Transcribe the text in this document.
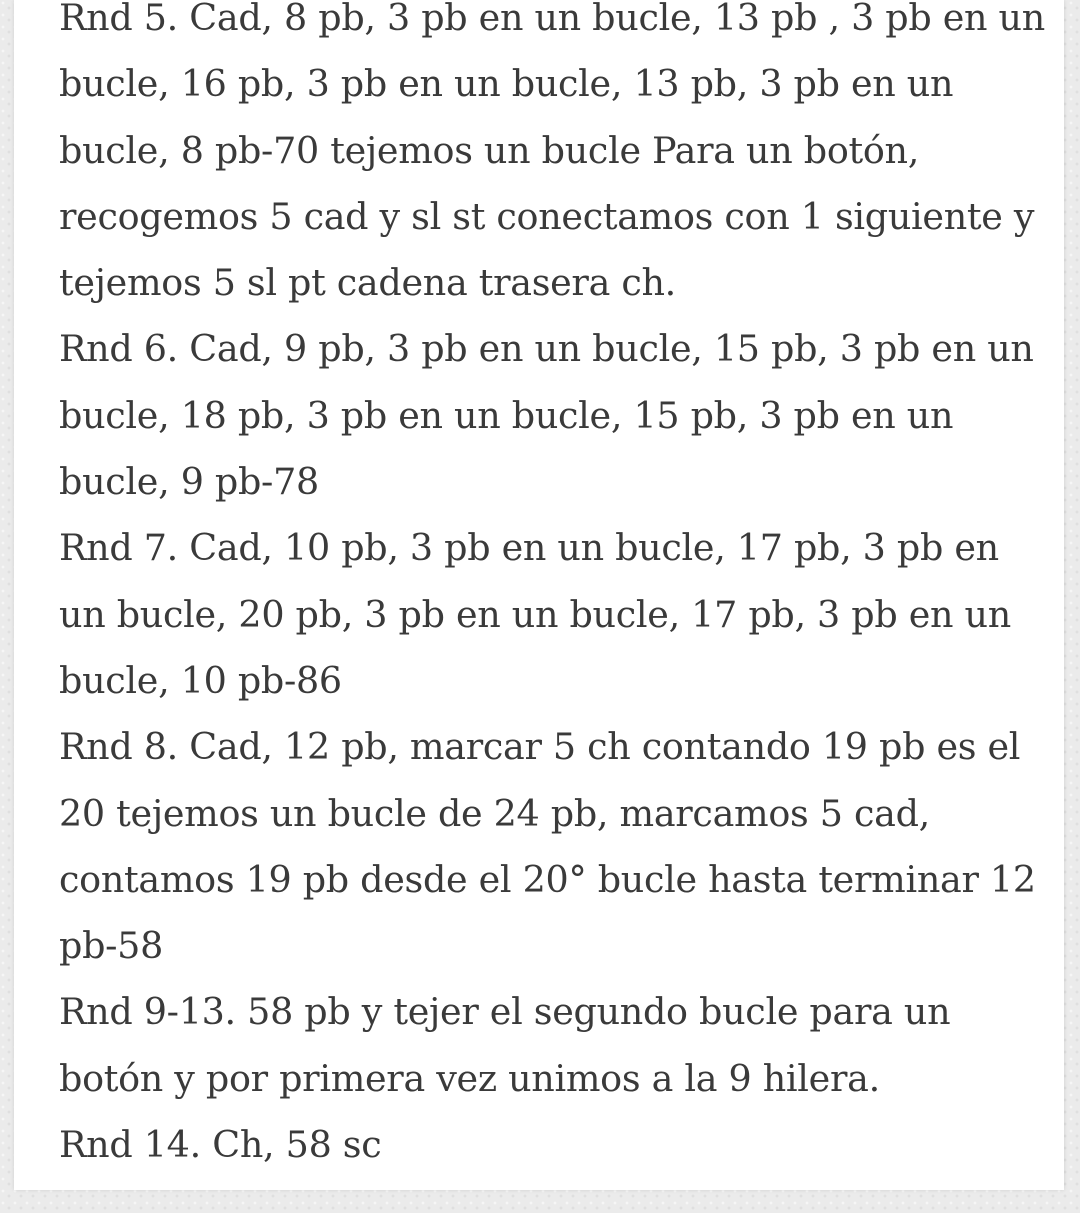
Rnd 5. Cad, 8 pb, 3 pb en un bucle, 13 pb , 3 pb en un bucle, 16 pb, 3 pb en un bucle, 13 pb, 3 pb en un bucle, 8 pb-70 tejemos un bucle Para un botón, recogemos 5 cad y sl st conectamos con 1 siguiente y tejemos 5 sl pt cadena trasera ch.

Rnd 6. Cad, 9 pb, 3 pb en un bucle, 15 pb, 3 pb en un bucle, 18 pb, 3 pb en un bucle, 15 pb, 3 pb en un bucle, 9 pb-78

Rnd 7. Cad, 10 pb, 3 pb en un bucle, 17 pb, 3 pb en un bucle, 20 pb, 3 pb en un bucle, 17 pb, 3 pb en un bucle, 10 pb-86

Rnd 8. Cad, 12 pb, marcar 5 ch contando 19 pb es el 20 tejemos un bucle de 24 pb, marcamos 5 cad, contamos 19 pb desde el 20° bucle hasta terminar 12 pb-58

Rnd 9-13. 58 pb y tejer el segundo bucle para un botón y por primera vez unimos a la 9 hilera.

Rnd 14. Ch, 58 sc
